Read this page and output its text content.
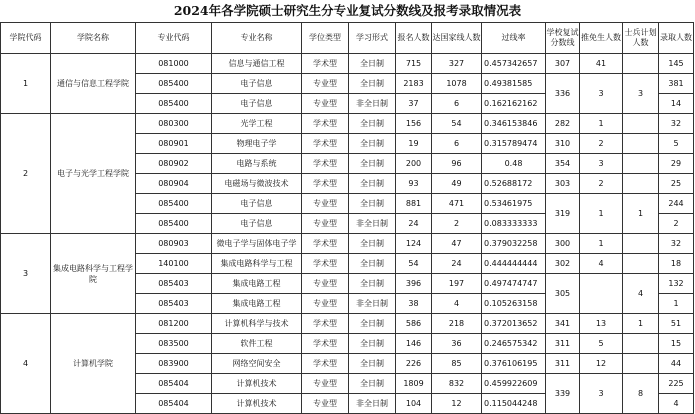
2024年各学院硕士研究生分专业复试分数线及报考录取情况表
学院代码	学院名称	专业代码	专业名称	学位类型	学习形式	报名人数	达国家线人数	过线率	学校复试分数线	推免生人数	士兵计划人数	录取人数
1	通信与信息工程学院	081000	信息与通信工程	学术型	全日制	715	327	0.457342657	307	41		145
		085400	电子信息	专业型	全日制	2183	1078	0.49381585	336	3	3	381
		085400	电子信息	专业型	非全日制	37	6	0.162162162				14
2	电子与光学工程学院	080300	光学工程	学术型	全日制	156	54	0.346153846	282	1		32
		080901	物理电子学	学术型	全日制	19	6	0.315789474	310	2		5
		080902	电路与系统	学术型	全日制	200	96	0.48	354	3		29
		080904	电磁场与微波技术	学术型	全日制	93	49	0.52688172	303	2		25
		085400	电子信息	专业型	全日制	881	471	0.53461975	319	1	1	244
		085400	电子信息	专业型	非全日制	24	2	0.083333333				2
3	集成电路科学与工程学院	080903	微电子学与固体电子学	学术型	全日制	124	47	0.379032258	300	1		32
		140100	集成电路科学与工程	学术型	全日制	54	24	0.444444444	302	4		18
		085403	集成电路工程	专业型	全日制	396	197	0.497474747	305		4	132
		085403	集成电路工程	专业型	非全日制	38	4	0.105263158				1
4	计算机学院	081200	计算机科学与技术	学术型	全日制	586	218	0.372013652	341	13	1	51
		083500	软件工程	学术型	全日制	146	36	0.246575342	311	5		15
		083900	网络空间安全	学术型	全日制	226	85	0.376106195	311	12		44
		085404	计算机技术	专业型	全日制	1809	832	0.459922609	339	3	8	225
		085404	计算机技术	专业型	非全日制	104	12	0.115044248				4
